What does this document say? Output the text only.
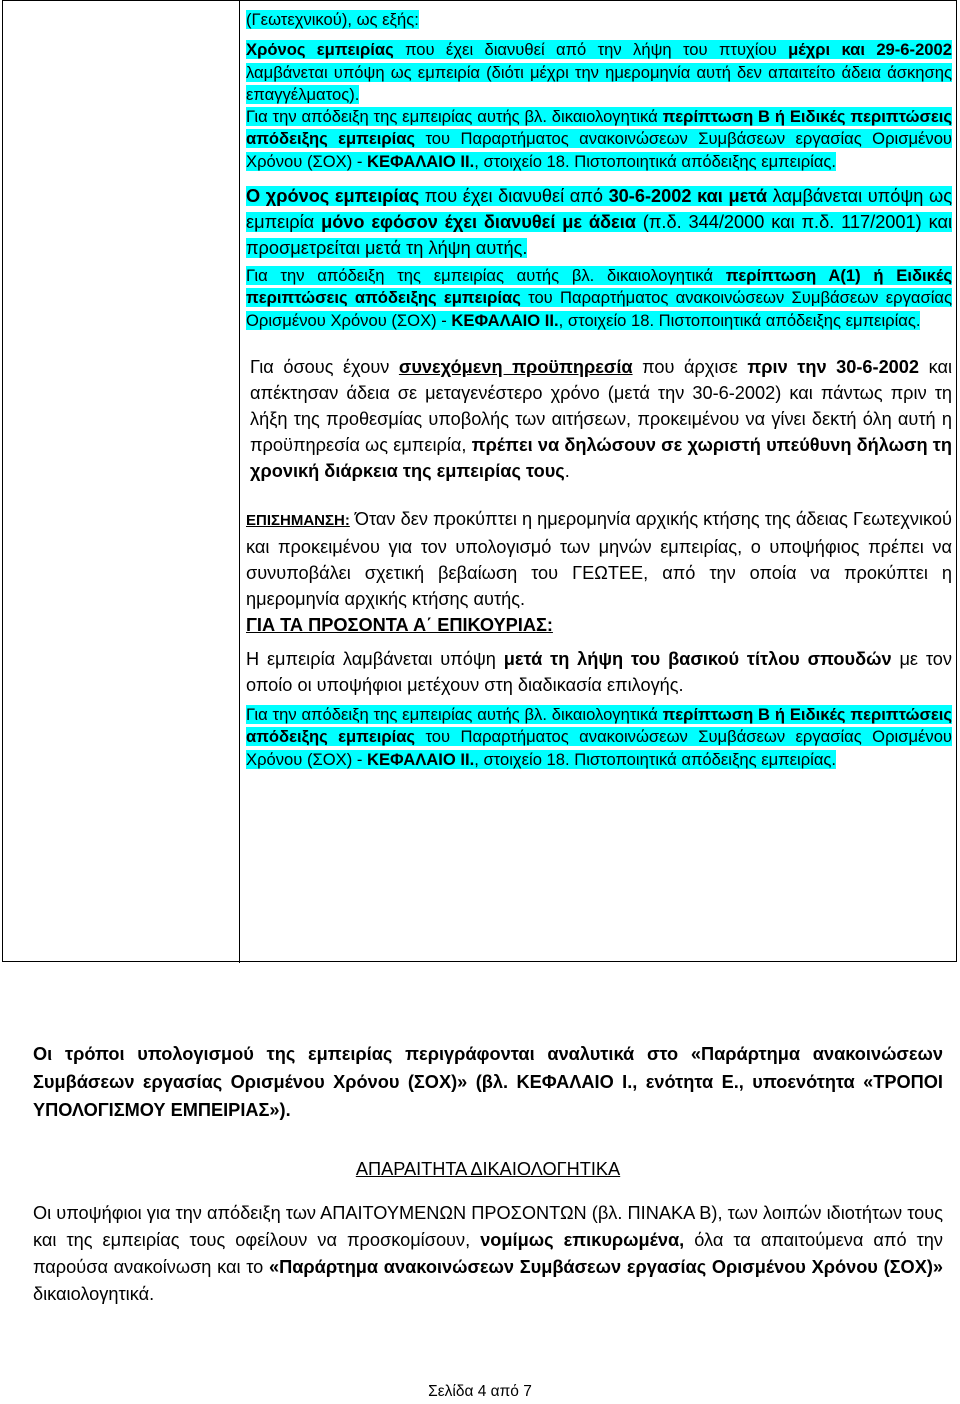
(Γεωτεχνικού), ως εξής:
Χρόνος εμπειρίας που έχει διανυθεί από την λήψη του πτυχίου μέχρι και 29-6-2002 λαμβάνεται υπόψη ως εμπειρία (διότι μέχρι την ημερομηνία αυτή δεν απαιτείτο άδεια άσκησης επαγγέλματος).
Για την απόδειξη της εμπειρίας αυτής βλ. δικαιολογητικά περίπτωση Β ή Ειδικές περιπτώσεις απόδειξης εμπειρίας του Παραρτήματος ανακοινώσεων Συμβάσεων εργασίας Ορισμένου Χρόνου (ΣΟΧ) - ΚΕΦΑΛΑΙΟ ΙΙ., στοιχείο 18. Πιστοποιητικά απόδειξης εμπειρίας.
Ο χρόνος εμπειρίας που έχει διανυθεί από 30-6-2002 και μετά λαμβάνεται υπόψη ως εμπειρία μόνο εφόσον έχει διανυθεί με άδεια (π.δ. 344/2000 και π.δ. 117/2001) και προσμετρείται μετά τη λήψη αυτής.
Για την απόδειξη της εμπειρίας αυτής βλ. δικαιολογητικά περίπτωση Α(1) ή Ειδικές περιπτώσεις απόδειξης εμπειρίας του Παραρτήματος ανακοινώσεων Συμβάσεων εργασίας Ορισμένου Χρόνου (ΣΟΧ) - ΚΕΦΑΛΑΙΟ ΙΙ., στοιχείο 18. Πιστοποιητικά απόδειξης εμπειρίας.
Για όσους έχουν συνεχόμενη προϋπηρεσία που άρχισε πριν την 30-6-2002 και απέκτησαν άδεια σε μεταγενέστερο χρόνο (μετά την 30-6-2002) και πάντως πριν τη λήξη της προθεσμίας υποβολής των αιτήσεων, προκειμένου να γίνει δεκτή όλη αυτή η προϋπηρεσία ως εμπειρία, πρέπει να δηλώσουν σε χωριστή υπεύθυνη δήλωση τη χρονική διάρκεια της εμπειρίας τους.
ΕΠΙΣΗΜΑΝΣΗ: Όταν δεν προκύπτει η ημερομηνία αρχικής κτήσης της άδειας Γεωτεχνικού και προκειμένου για τον υπολογισμό των μηνών εμπειρίας, ο υποψήφιος πρέπει να συνυποβάλει σχετική βεβαίωση του ΓΕΩΤΕΕ, από την οποία να προκύπτει η ημερομηνία αρχικής κτήσης αυτής.
ΓΙΑ ΤΑ ΠΡΟΣΟΝΤΑ Α΄ ΕΠΙΚΟΥΡΙΑΣ:
Η εμπειρία λαμβάνεται υπόψη μετά τη λήψη του βασικού τίτλου σπουδών με τον οποίο οι υποψήφιοι μετέχουν στη διαδικασία επιλογής.
Για την απόδειξη της εμπειρίας αυτής βλ. δικαιολογητικά περίπτωση Β ή Ειδικές περιπτώσεις απόδειξης εμπειρίας του Παραρτήματος ανακοινώσεων Συμβάσεων εργασίας Ορισμένου Χρόνου (ΣΟΧ) - ΚΕΦΑΛΑΙΟ ΙΙ., στοιχείο 18. Πιστοποιητικά απόδειξης εμπειρίας.
Οι τρόποι υπολογισμού της εμπειρίας περιγράφονται αναλυτικά στο «Παράρτημα ανακοινώσεων Συμβάσεων εργασίας Ορισμένου Χρόνου (ΣΟΧ)» (βλ. ΚΕΦΑΛΑΙΟ Ι., ενότητα Ε., υποενότητα «ΤΡΟΠΟΙ ΥΠΟΛΟΓΙΣΜΟΥ ΕΜΠΕΙΡΙΑΣ»).
ΑΠΑΡΑΙΤΗΤΑ ΔΙΚΑΙΟΛΟΓΗΤΙΚΑ
Οι υποψήφιοι για την απόδειξη των ΑΠΑΙΤΟΥΜΕΝΩΝ ΠΡΟΣΟΝΤΩΝ (βλ. ΠΙΝΑΚΑ Β), των λοιπών ιδιοτήτων τους και της εμπειρίας τους οφείλουν να προσκομίσουν, νομίμως επικυρωμένα, όλα τα απαιτούμενα από την παρούσα ανακοίνωση και το «Παράρτημα ανακοινώσεων Συμβάσεων εργασίας Ορισμένου Χρόνου (ΣΟΧ)» δικαιολογητικά.
Σελίδα 4 από 7
